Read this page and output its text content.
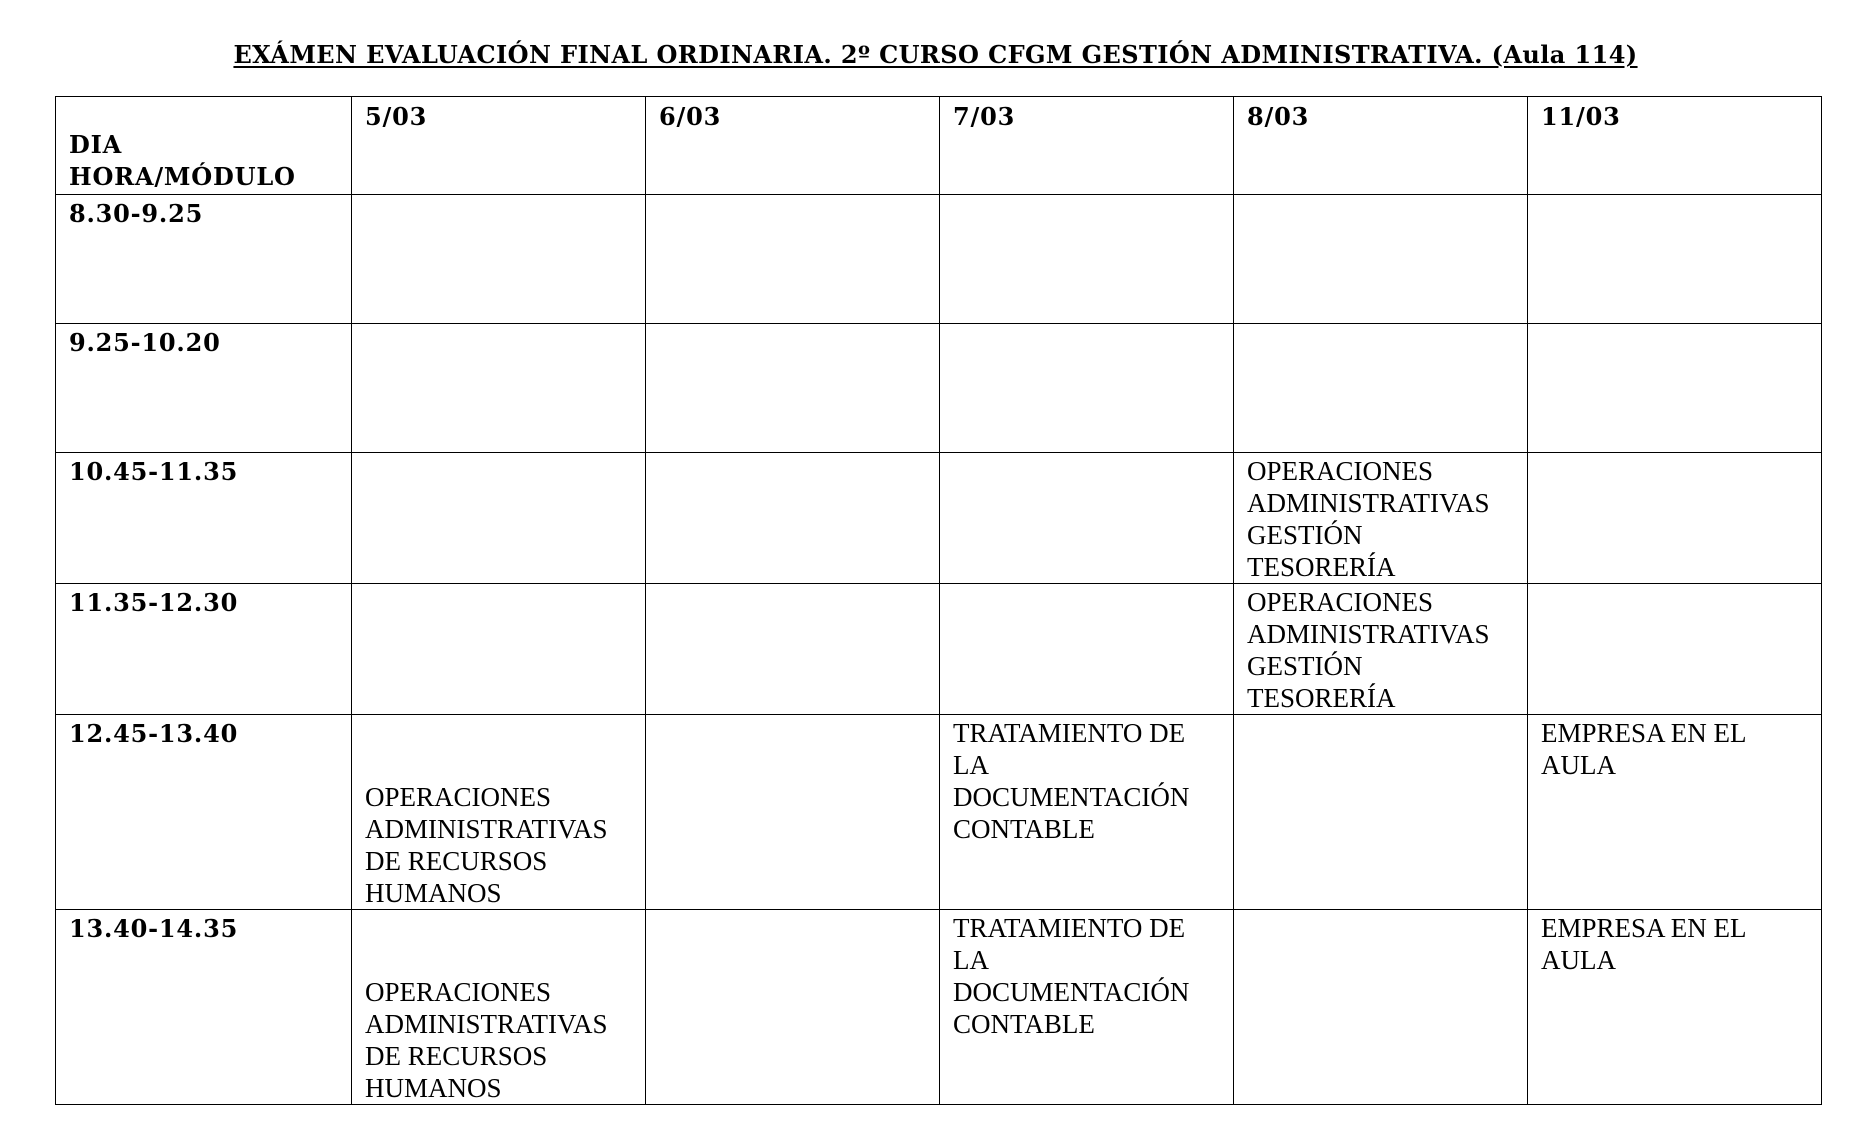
EXÁMEN EVALUACIÓN FINAL ORDINARIA. 2º CURSO CFGM GESTIÓN ADMINISTRATIVA. (Aula 114)
DIA
HORA/MÓDULO	5/03	6/03	7/03	8/03	11/03

8.30-9.25					

9.25-10.20					

10.45-11.35				OPERACIONES
ADMINISTRATIVAS
GESTIÓN
TESORERÍA	

11.35-12.30				OPERACIONES
ADMINISTRATIVAS
GESTIÓN
TESORERÍA	

12.45-13.40	OPERACIONES
ADMINISTRATIVAS
DE RECURSOS
HUMANOS		TRATAMIENTO DE
LA
DOCUMENTACIÓN
CONTABLE		EMPRESA EN EL
AULA

13.40-14.35	OPERACIONES
ADMINISTRATIVAS
DE RECURSOS
HUMANOS		TRATAMIENTO DE
LA
DOCUMENTACIÓN
CONTABLE		EMPRESA EN EL
AULA
